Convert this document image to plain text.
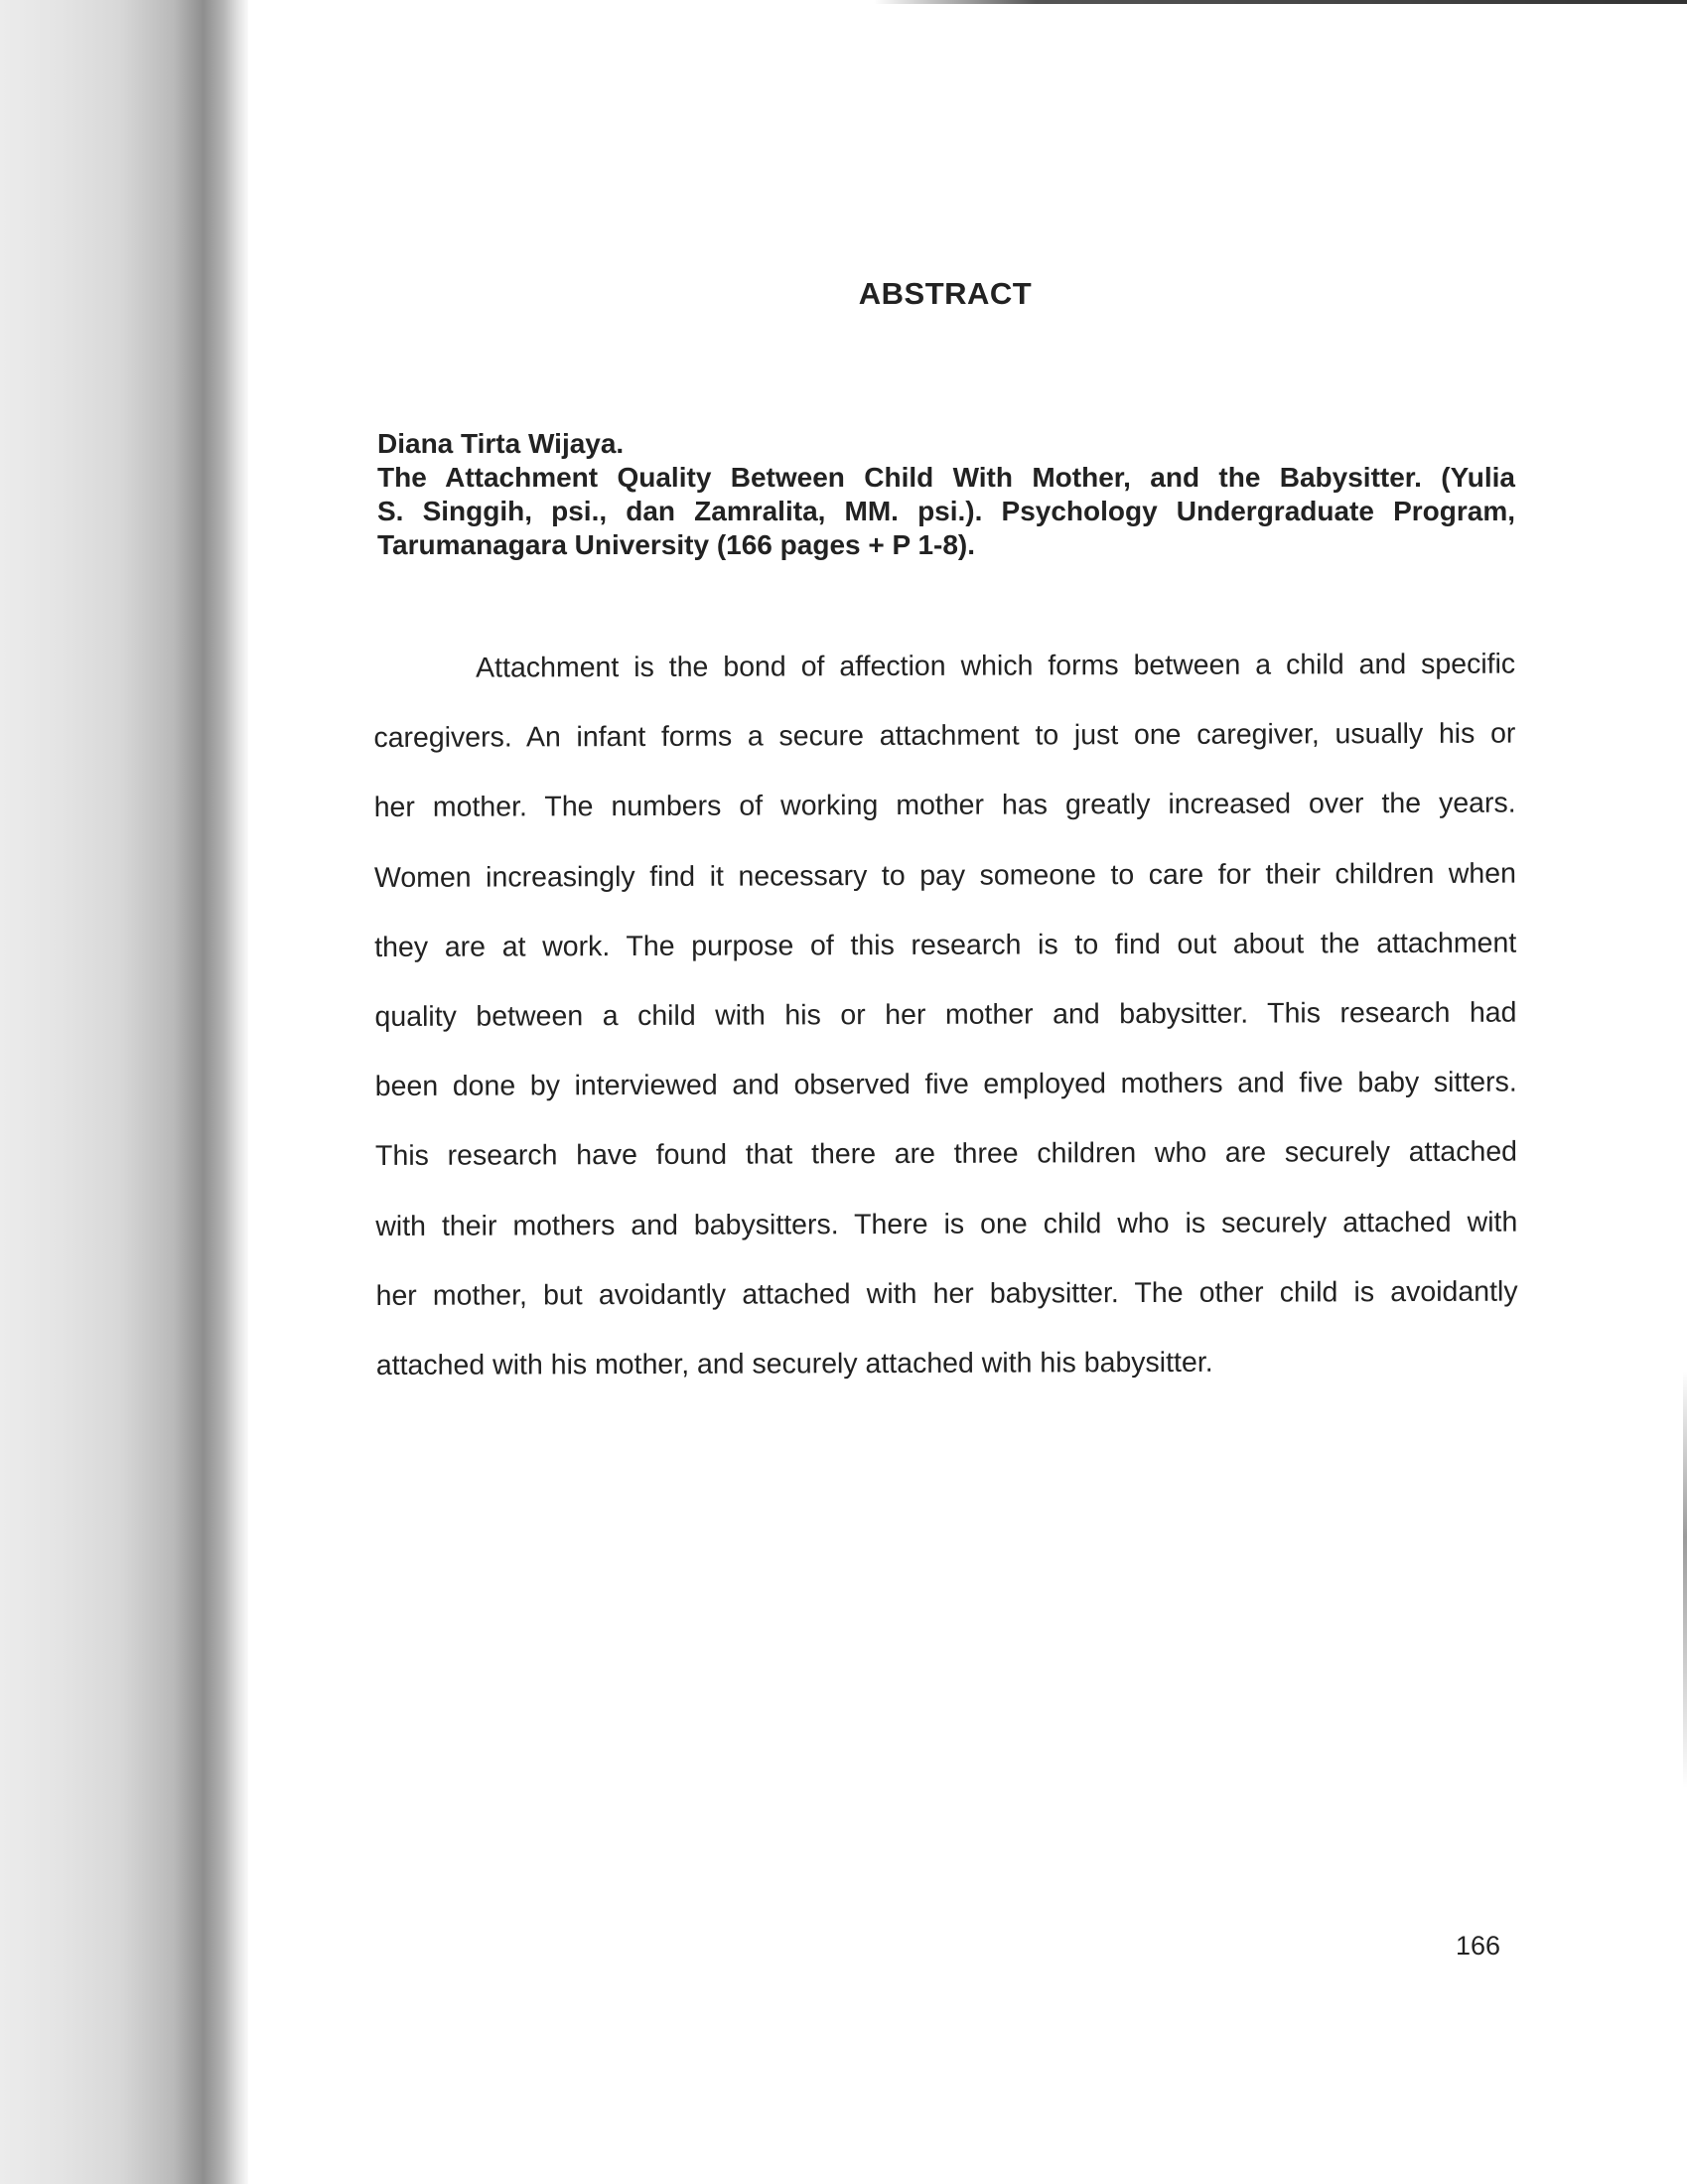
ABSTRACT
Diana Tirta Wijaya.
The Attachment Quality Between Child With Mother, and the Babysitter. (Yulia
S. Singgih, psi., dan Zamralita, MM. psi.). Psychology Undergraduate Program,
Tarumanagara University (166 pages + P 1-8).
Attachment is the bond of affection which forms between a child and specific
caregivers. An infant forms a secure attachment to just one caregiver, usually his or
her mother. The numbers of working mother has greatly increased over the years.
Women increasingly find it necessary to pay someone to care for their children when
they are at work. The purpose of this research is to find out about the attachment
quality between a child with his or her mother and babysitter. This research had
been done by interviewed and observed five employed mothers and five baby sitters.
This research have found that there are three children who are securely attached
with their mothers and babysitters. There is one child who is securely attached with
her mother, but avoidantly attached with her babysitter. The other child is avoidantly
attached with his mother, and securely attached with his babysitter.

166
